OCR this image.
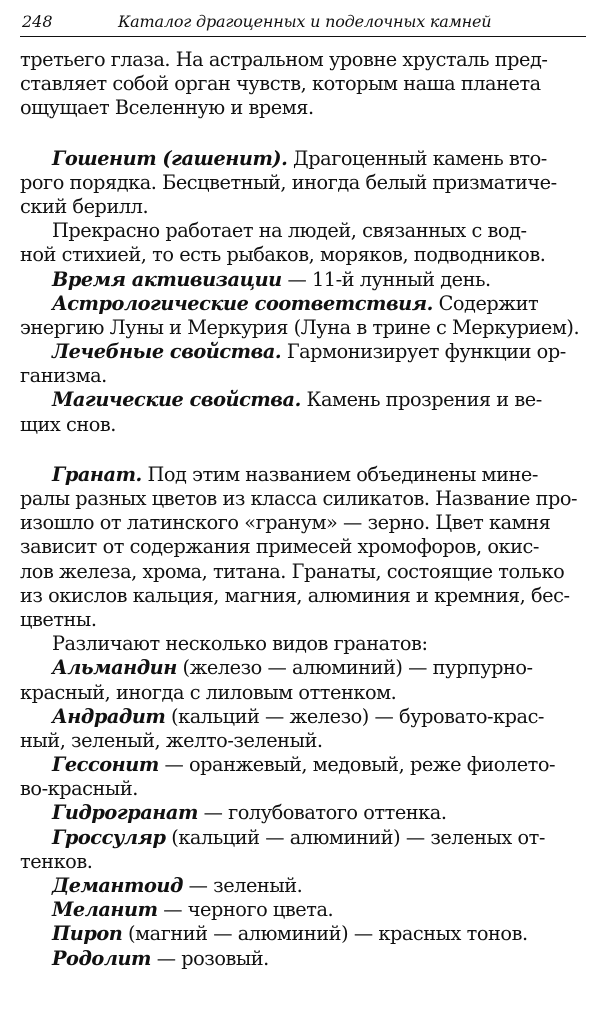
248	Каталог драгоценных и поделочных камней
третьего глаза. На астральном уровне хрусталь пред-
ставляет собой орган чувств, которым наша планета
ощущает Вселенную и время.
Гошенит (гашенит). Драгоценный камень вто-
рого порядка. Бесцветный, иногда белый призматиче-
ский берилл.
Прекрасно работает на людей, связанных с вод-
ной стихией, то есть рыбаков, моряков, подводников.
Время активизации — 11-й лунный день.
Астрологические соответствия. Содержит
энергию Луны и Меркурия (Луна в трине с Меркурием).
Лечебные свойства. Гармонизирует функции ор-
ганизма.
Магические свойства. Камень прозрения и ве-
щих снов.
Гранат. Под этим названием объединены мине-
ралы разных цветов из класса силикатов. Название про-
изошло от латинского «гранум» — зерно. Цвет камня
зависит от содержания примесей хромофоров, окис-
лов железа, хрома, титана. Гранаты, состоящие только
из окислов кальция, магния, алюминия и кремния, бес-
цветны.
Различают несколько видов гранатов:
Альмандин (железо — алюминий) — пурпурно-
красный, иногда с лиловым оттенком.
Андрадит (кальций — железо) — буровато-крас-
ный, зеленый, желто-зеленый.
Гессонит — оранжевый, медовый, реже фиолето-
во-красный.
Гидрогранат — голубоватого оттенка.
Гроссуляр (кальций — алюминий) — зеленых от-
тенков.
Демантоид — зеленый.
Меланит — черного цвета.
Пироп (магний — алюминий) — красных тонов.
Родолит — розовый.
